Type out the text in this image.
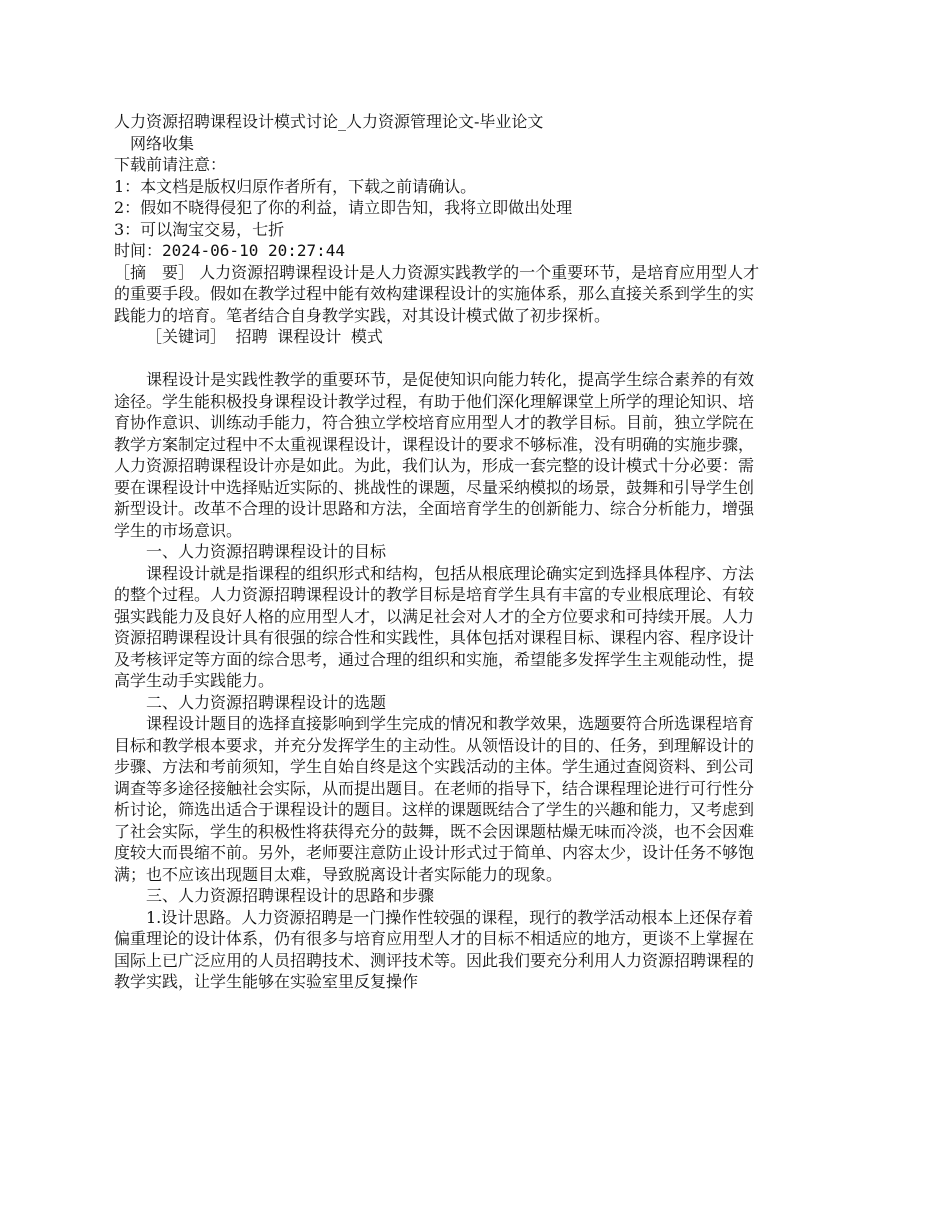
人力资源招聘课程设计模式讨论_人力资源管理论文-毕业论文

网络收集

下载前请注意：

1：本文档是版权归原作者所有，下载之前请确认。

2：假如不晓得侵犯了你的利益，请立即告知，我将立即做出处理

3：可以淘宝交易，七折

时间：2024-06-10 20:27:44

［摘　要］ 人力资源招聘课程设计是人力资源实践教学的一个重要环节，是培育应用型人才的重要手段。假如在教学过程中能有效构建课程设计的实施体系，那么直接关系到学生的实践能力的培育。笔者结合自身教学实践，对其设计模式做了初步探析。

［关键词］ 招聘 课程设计 模式

课程设计是实践性教学的重要环节，是促使知识向能力转化，提高学生综合素养的有效途径。学生能积极投身课程设计教学过程，有助于他们深化理解课堂上所学的理论知识、培育协作意识、训练动手能力，符合独立学校培育应用型人才的教学目标。目前，独立学院在教学方案制定过程中不太重视课程设计，课程设计的要求不够标准，没有明确的实施步骤，人力资源招聘课程设计亦是如此。为此，我们认为，形成一套完整的设计模式十分必要：需要在课程设计中选择贴近实际的、挑战性的课题，尽量采纳模拟的场景，鼓舞和引导学生创新型设计。改革不合理的设计思路和方法，全面培育学生的创新能力、综合分析能力，增强学生的市场意识。

一、人力资源招聘课程设计的目标

课程设计就是指课程的组织形式和结构，包括从根底理论确实定到选择具体程序、方法的整个过程。人力资源招聘课程设计的教学目标是培育学生具有丰富的专业根底理论、有较强实践能力及良好人格的应用型人才，以满足社会对人才的全方位要求和可持续开展。人力资源招聘课程设计具有很强的综合性和实践性，具体包括对课程目标、课程内容、程序设计及考核评定等方面的综合思考，通过合理的组织和实施，希望能多发挥学生主观能动性，提高学生动手实践能力。

二、人力资源招聘课程设计的选题

课程设计题目的选择直接影响到学生完成的情况和教学效果，选题要符合所选课程培育目标和教学根本要求，并充分发挥学生的主动性。从领悟设计的目的、任务，到理解设计的步骤、方法和考前须知，学生自始自终是这个实践活动的主体。学生通过查阅资料、到公司调查等多途径接触社会实际，从而提出题目。在老师的指导下，结合课程理论进行可行性分析讨论，筛选出适合于课程设计的题目。这样的课题既结合了学生的兴趣和能力，又考虑到了社会实际，学生的积极性将获得充分的鼓舞，既不会因课题枯燥无味而冷淡，也不会因难度较大而畏缩不前。另外，老师要注意防止设计形式过于简单、内容太少，设计任务不够饱满；也不应该出现题目太难，导致脱离设计者实际能力的现象。

三、人力资源招聘课程设计的思路和步骤

1.设计思路。人力资源招聘是一门操作性较强的课程，现行的教学活动根本上还保存着偏重理论的设计体系，仍有很多与培育应用型人才的目标不相适应的地方，更谈不上掌握在国际上已广泛应用的人员招聘技术、测评技术等。因此我们要充分利用人力资源招聘课程的教学实践，让学生能够在实验室里反复操作
